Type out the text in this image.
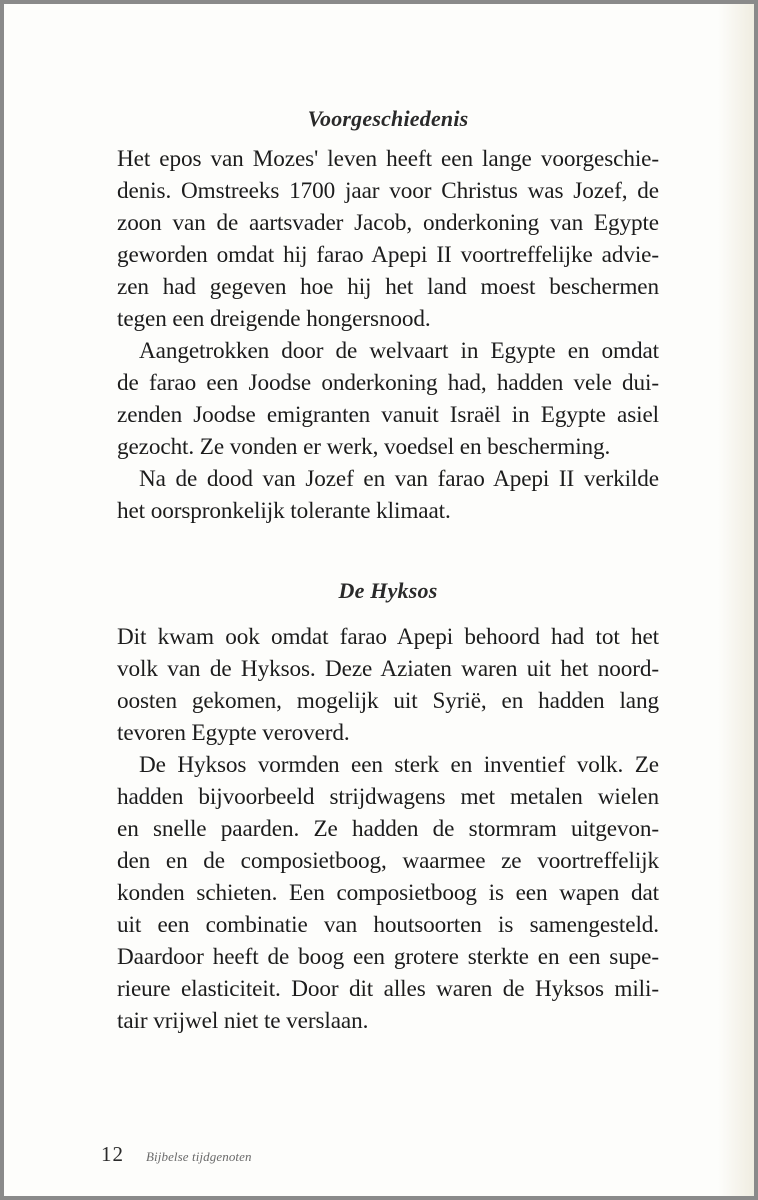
Voorgeschiedenis

Het epos van Mozes' leven heeft een lange voorgeschie-
denis. Omstreeks 1700 jaar voor Christus was Jozef, de
zoon van de aartsvader Jacob, onderkoning van Egypte
geworden omdat hij farao Apepi II voortreffelijke advie-
zen had gegeven hoe hij het land moest beschermen
tegen een dreigende hongersnood.

Aangetrokken door de welvaart in Egypte en omdat
de farao een Joodse onderkoning had, hadden vele dui-
zenden Joodse emigranten vanuit Israël in Egypte asiel
gezocht. Ze vonden er werk, voedsel en bescherming.

Na de dood van Jozef en van farao Apepi II verkilde
het oorspronkelijk tolerante klimaat.

De Hyksos

Dit kwam ook omdat farao Apepi behoord had tot het
volk van de Hyksos. Deze Aziaten waren uit het noord-
oosten gekomen, mogelijk uit Syrië, en hadden lang
tevoren Egypte veroverd.

De Hyksos vormden een sterk en inventief volk. Ze
hadden bijvoorbeeld strijdwagens met metalen wielen
en snelle paarden. Ze hadden de stormram uitgevon-
den en de composietboog, waarmee ze voortreffelijk
konden schieten. Een composietboog is een wapen dat
uit een combinatie van houtsoorten is samengesteld.
Daardoor heeft de boog een grotere sterkte en een supe-
rieure elasticiteit. Door dit alles waren de Hyksos mili-
tair vrijwel niet te verslaan.

12 Bijbelse tijdgenoten
